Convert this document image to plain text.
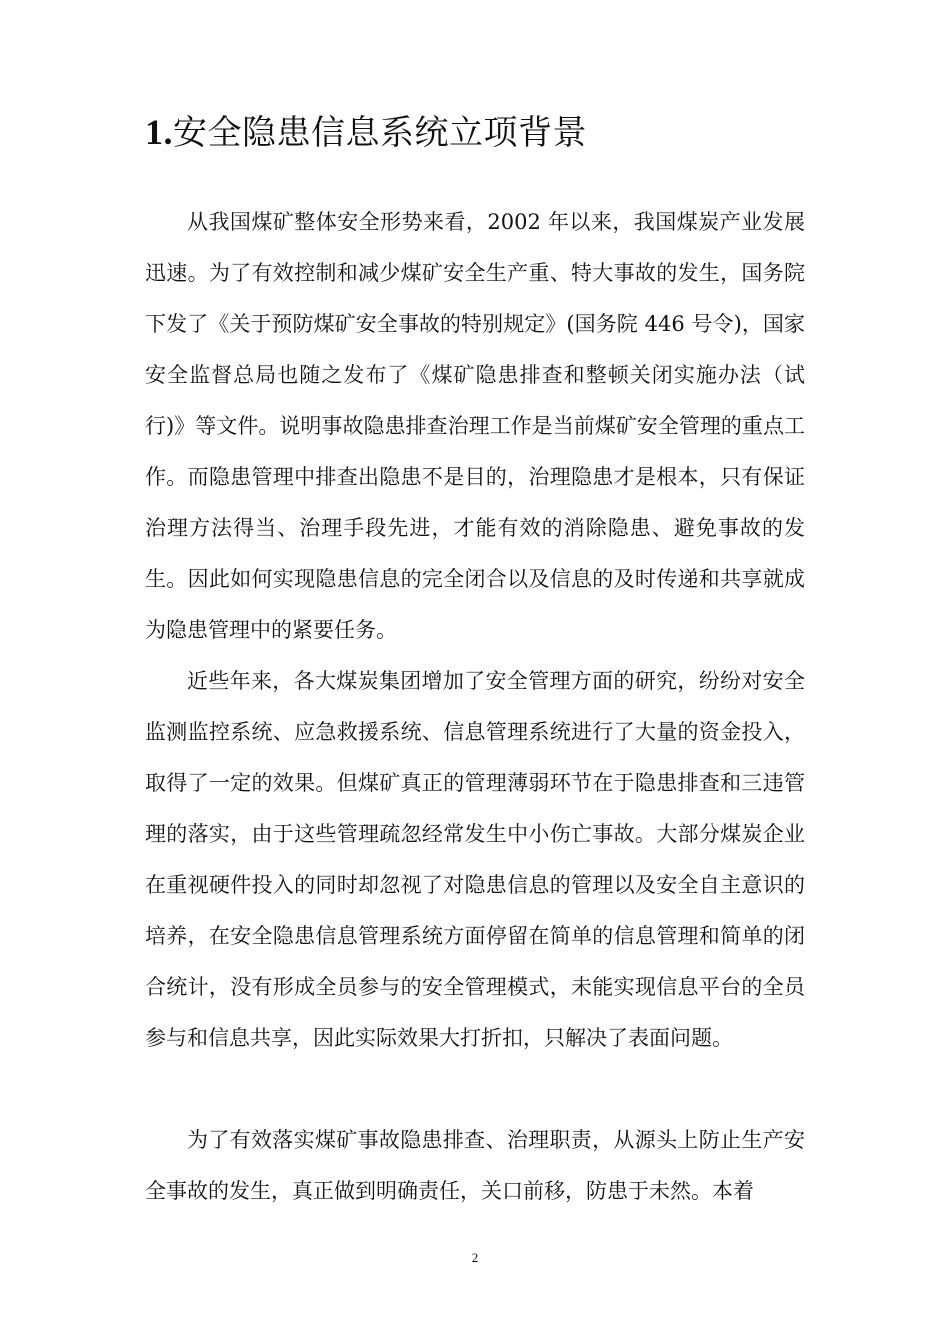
1.安全隐患信息系统立项背景

从我国煤矿整体安全形势来看，2002 年以来，我国煤炭产业发展迅速。为了有效控制和减少煤矿安全生产重、特大事故的发生，国务院下发了《关于预防煤矿安全事故的特别规定》(国务院 446 号令)，国家安全监督总局也随之发布了《煤矿隐患排查和整顿关闭实施办法（试行)》等文件。说明事故隐患排查治理工作是当前煤矿安全管理的重点工作。而隐患管理中排查出隐患不是目的，治理隐患才是根本，只有保证治理方法得当、治理手段先进，才能有效的消除隐患、避免事故的发生。因此如何实现隐患信息的完全闭合以及信息的及时传递和共享就成为隐患管理中的紧要任务。

近些年来，各大煤炭集团增加了安全管理方面的研究，纷纷对安全监测监控系统、应急救援系统、信息管理系统进行了大量的资金投入，取得了一定的效果。但煤矿真正的管理薄弱环节在于隐患排查和三违管理的落实，由于这些管理疏忽经常发生中小伤亡事故。大部分煤炭企业在重视硬件投入的同时却忽视了对隐患信息的管理以及安全自主意识的培养，在安全隐患信息管理系统方面停留在简单的信息管理和简单的闭合统计，没有形成全员参与的安全管理模式，未能实现信息平台的全员参与和信息共享，因此实际效果大打折扣，只解决了表面问题。

为了有效落实煤矿事故隐患排查、治理职责，从源头上防止生产安全事故的发生，真正做到明确责任，关口前移，防患于未然。本着

2
